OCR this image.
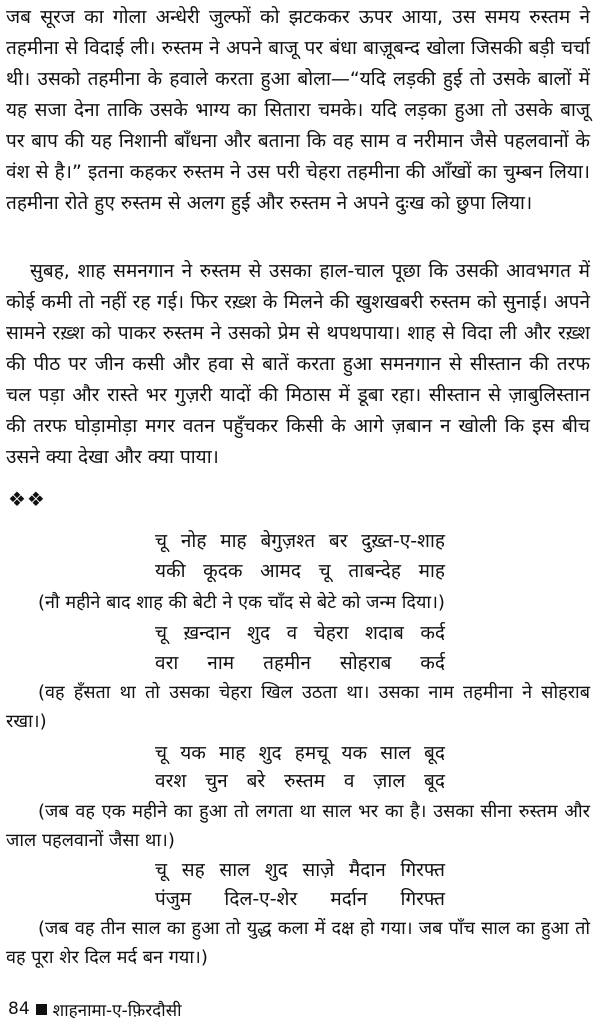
जब सूरज का गोला अन्धेरी जुल्फों को झटककर ऊपर आया, उस समय रुस्तम ने तहमीना से विदाई ली। रुस्तम ने अपने बाजू पर बंधा बाज़ूबन्द खोला जिसकी बड़ी चर्चा थी। उसको तहमीना के हवाले करता हुआ बोला—“यदि लड़की हुई तो उसके बालों में यह सजा देना ताकि उसके भाग्य का सितारा चमके। यदि लड़का हुआ तो उसके बाजू पर बाप की यह निशानी बाँधना और बताना कि वह साम व नरीमान जैसे पहलवानों के वंश से है।” इतना कहकर रुस्तम ने उस परी चेहरा तहमीना की आँखों का चुम्बन लिया। तहमीना रोते हुए रुस्तम से अलग हुई और रुस्तम ने अपने दुःख को छुपा लिया।

सुबह, शाह समनगान ने रुस्तम से उसका हाल-चाल पूछा कि उसकी आवभगत में कोई कमी तो नहीं रह गई। फिर रख़्श के मिलने की खुशखबरी रुस्तम को सुनाई। अपने सामने रख़्श को पाकर रुस्तम ने उसको प्रेम से थपथपाया। शाह से विदा ली और रख़्श की पीठ पर जीन कसी और हवा से बातें करता हुआ समनगान से सीस्तान की तरफ चल पड़ा और रास्ते भर गुज़री यादों की मिठास में डूबा रहा। सीस्तान से ज़ाबुलिस्तान की तरफ घोड़ामोड़ा मगर वतन पहुँचकर किसी के आगे ज़बान न खोली कि इस बीच उसने क्या देखा और क्या पाया।

❖❖
चू नोह माह बेगुज़श्त बर दुख़्त-ए-शाह
यकी कूदक आमद चू ताबन्देह माह

(नौ महीने बाद शाह की बेटी ने एक चाँद से बेटे को जन्म दिया।)

चू ख़न्दान शुद व चेहरा शदाब कर्द
वरा नाम तहमीन सोहराब कर्द

(वह हँसता था तो उसका चेहरा खिल उठता था। उसका नाम तहमीना ने सोहराब रखा।)

चू यक माह शुद हमचू यक साल बूद
वरश चुन बरे रुस्तम व ज़ाल बूद

(जब वह एक महीने का हुआ तो लगता था साल भर का है। उसका सीना रुस्तम और जाल पहलवानों जैसा था।)

चू सह साल शुद साज़े मैदान गिरफ्त
पंजुम दिल-ए-शेर मर्दान गिरफ्त

(जब वह तीन साल का हुआ तो युद्ध कला में दक्ष हो गया। जब पाँच साल का हुआ तो वह पूरा शेर दिल मर्द बन गया।)

84 शाहनामा-ए-फ़िरदौसी
